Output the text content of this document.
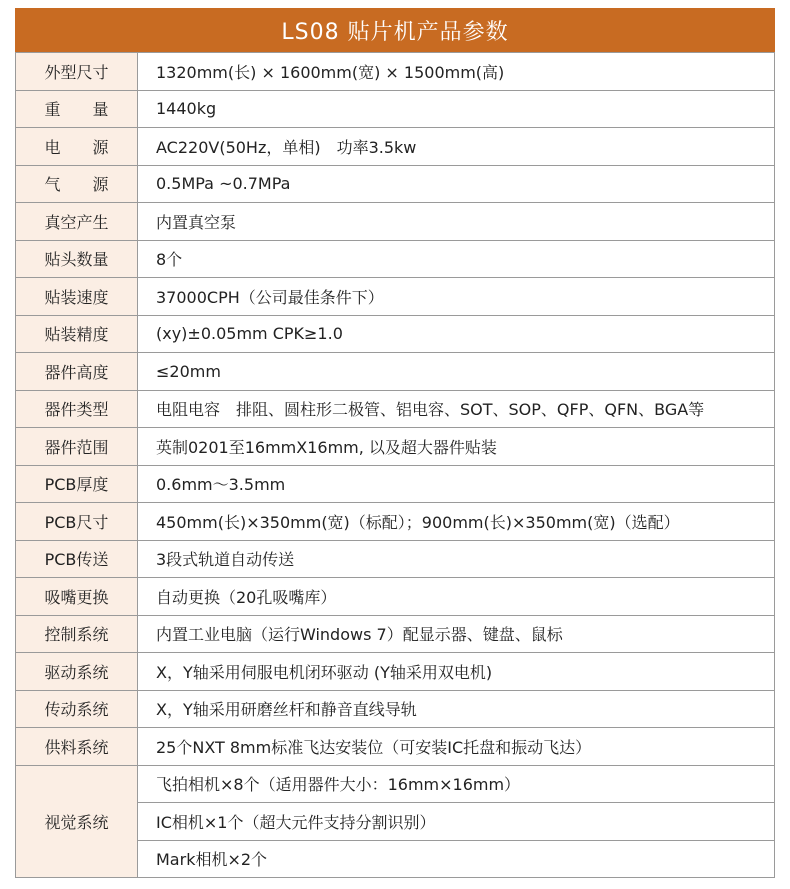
LS08 贴片机产品参数
外型尺寸	1320mm(长) × 1600mm(宽) × 1500mm(高)
重　　量	1440kg
电　　源	AC220V(50Hz，单相)　功率3.5kw
气　　源	0.5MPa ~0.7MPa
真空产生	内置真空泵
贴头数量	8个
贴装速度	37000CPH（公司最佳条件下）
贴装精度	(xy)±0.05mm CPK≥1.0
器件高度	≤20mm
器件类型	电阻电容　排阻、圆柱形二极管、铝电容、SOT、SOP、QFP、QFN、BGA等
器件范围	英制0201至16mmX16mm, 以及超大器件贴装
PCB厚度	0.6mm～3.5mm
PCB尺寸	450mm(长)×350mm(宽)（标配）；900mm(长)×350mm(宽)（选配）
PCB传送	3段式轨道自动传送
吸嘴更换	自动更换（20孔吸嘴库）
控制系统	内置工业电脑（运行Windows 7）配显示器、键盘、鼠标
驱动系统	X，Y轴采用伺服电机闭环驱动 (Y轴采用双电机)
传动系统	X，Y轴采用研磨丝杆和静音直线导轨
供料系统	25个NXT 8mm标准飞达安装位（可安装IC托盘和振动飞达）
视觉系统	飞拍相机×8个（适用器件大小：16mm×16mm）
	IC相机×1个（超大元件支持分割识别）
	Mark相机×2个
